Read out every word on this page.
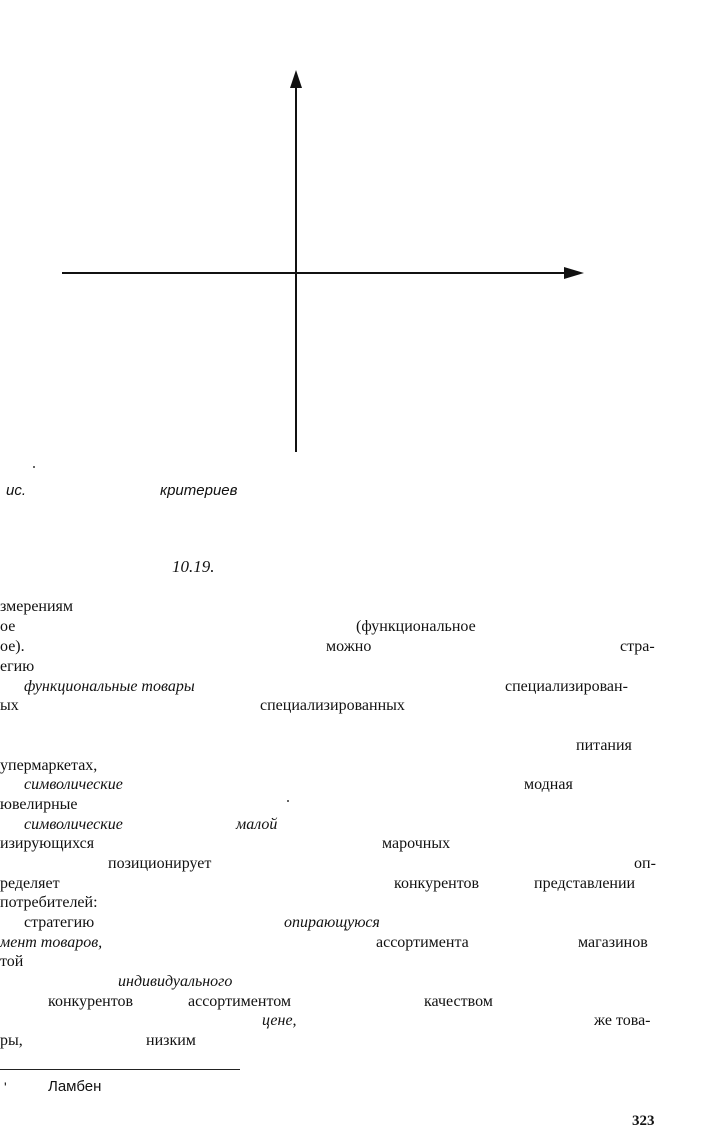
ис.	критериев
10.19.
змерениям
ое	(функциональное
ое).	можно	стра-
егию
функциональные товары	специализирован-
ых	специализированных
питания
упермаркетах,
символические	модная
ювелирные
символические	малой
изирующихся	марочных
позиционирует	оп-
ределяет	конкурентов	представлении
потребителей:
стратегию	опирающуюся
мент товаров,	ассортимента	магазинов
той
индивидуального
конкурентов	ассортиментом	качеством
цене,	же това-
ры,	низким
'	Ламбен
323
